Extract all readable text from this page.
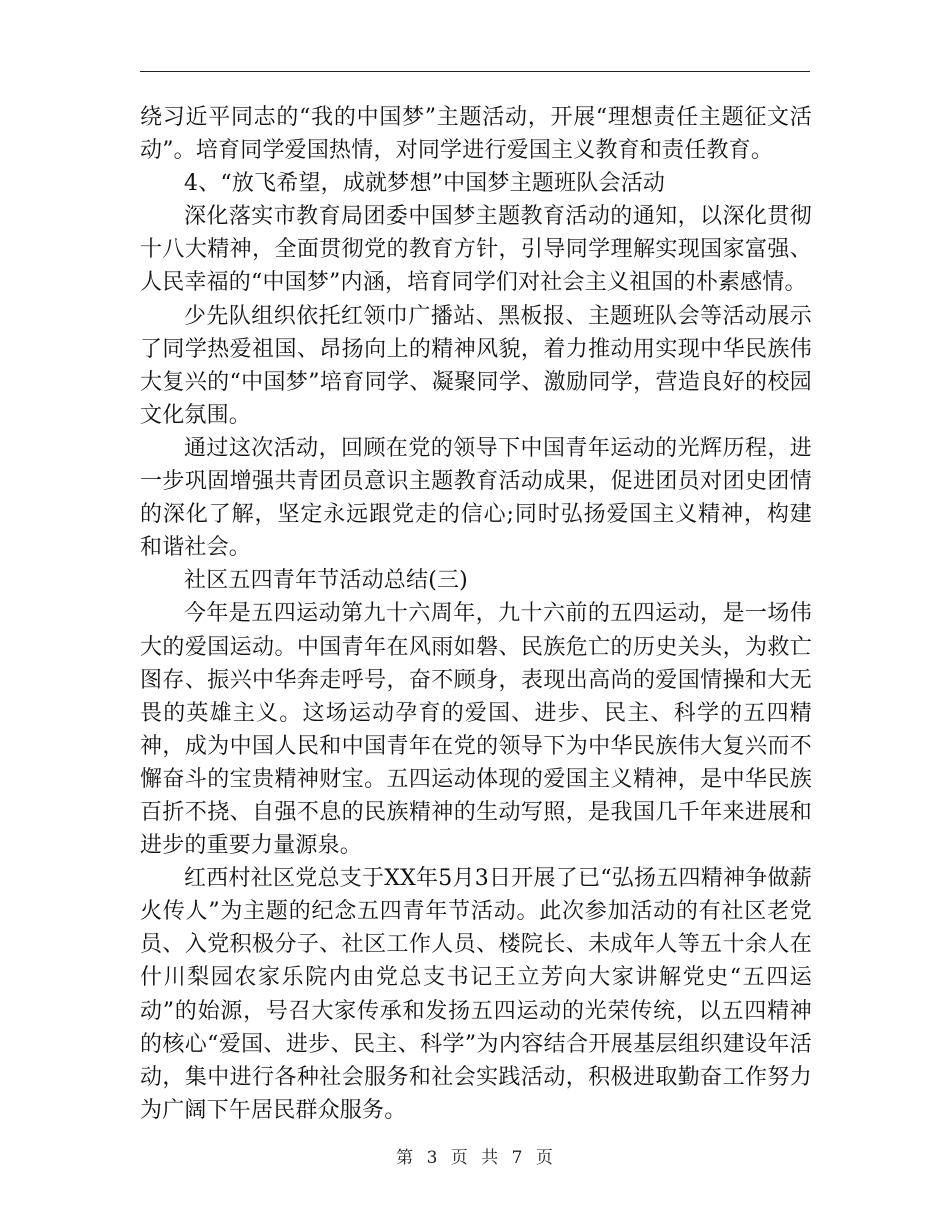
绕习近平同志的“我的中国梦”主题活动，开展“理想责任主题征文活动”。培育同学爱国热情，对同学进行爱国主义教育和责任教育。

4、“放飞希望，成就梦想”中国梦主题班队会活动

深化落实市教育局团委中国梦主题教育活动的通知，以深化贯彻十八大精神，全面贯彻党的教育方针，引导同学理解实现国家富强、人民幸福的“中国梦”内涵，培育同学们对社会主义祖国的朴素感情。

少先队组织依托红领巾广播站、黑板报、主题班队会等活动展示了同学热爱祖国、昂扬向上的精神风貌，着力推动用实现中华民族伟大复兴的“中国梦”培育同学、凝聚同学、激励同学，营造良好的校园文化氛围。

通过这次活动，回顾在党的领导下中国青年运动的光辉历程，进一步巩固增强共青团员意识主题教育活动成果，促进团员对团史团情的深化了解，坚定永远跟党走的信心;同时弘扬爱国主义精神，构建和谐社会。

社区五四青年节活动总结(三)

今年是五四运动第九十六周年，九十六前的五四运动，是一场伟大的爱国运动。中国青年在风雨如磐、民族危亡的历史关头，为救亡图存、振兴中华奔走呼号，奋不顾身，表现出高尚的爱国情操和大无畏的英雄主义。这场运动孕育的爱国、进步、民主、科学的五四精神，成为中国人民和中国青年在党的领导下为中华民族伟大复兴而不懈奋斗的宝贵精神财宝。五四运动体现的爱国主义精神，是中华民族百折不挠、自强不息的民族精神的生动写照，是我国几千年来进展和进步的重要力量源泉。

红西村社区党总支于XX年5月3日开展了已“弘扬五四精神争做薪火传人”为主题的纪念五四青年节活动。此次参加活动的有社区老党员、入党积极分子、社区工作人员、楼院长、未成年人等五十余人在什川梨园农家乐院内由党总支书记王立芳向大家讲解党史“五四运动”的始源，号召大家传承和发扬五四运动的光荣传统，以五四精神的核心“爱国、进步、民主、科学”为内容结合开展基层组织建设年活动，集中进行各种社会服务和社会实践活动，积极进取勤奋工作努力为广阔下午居民群众服务。

第 3 页 共 7 页
